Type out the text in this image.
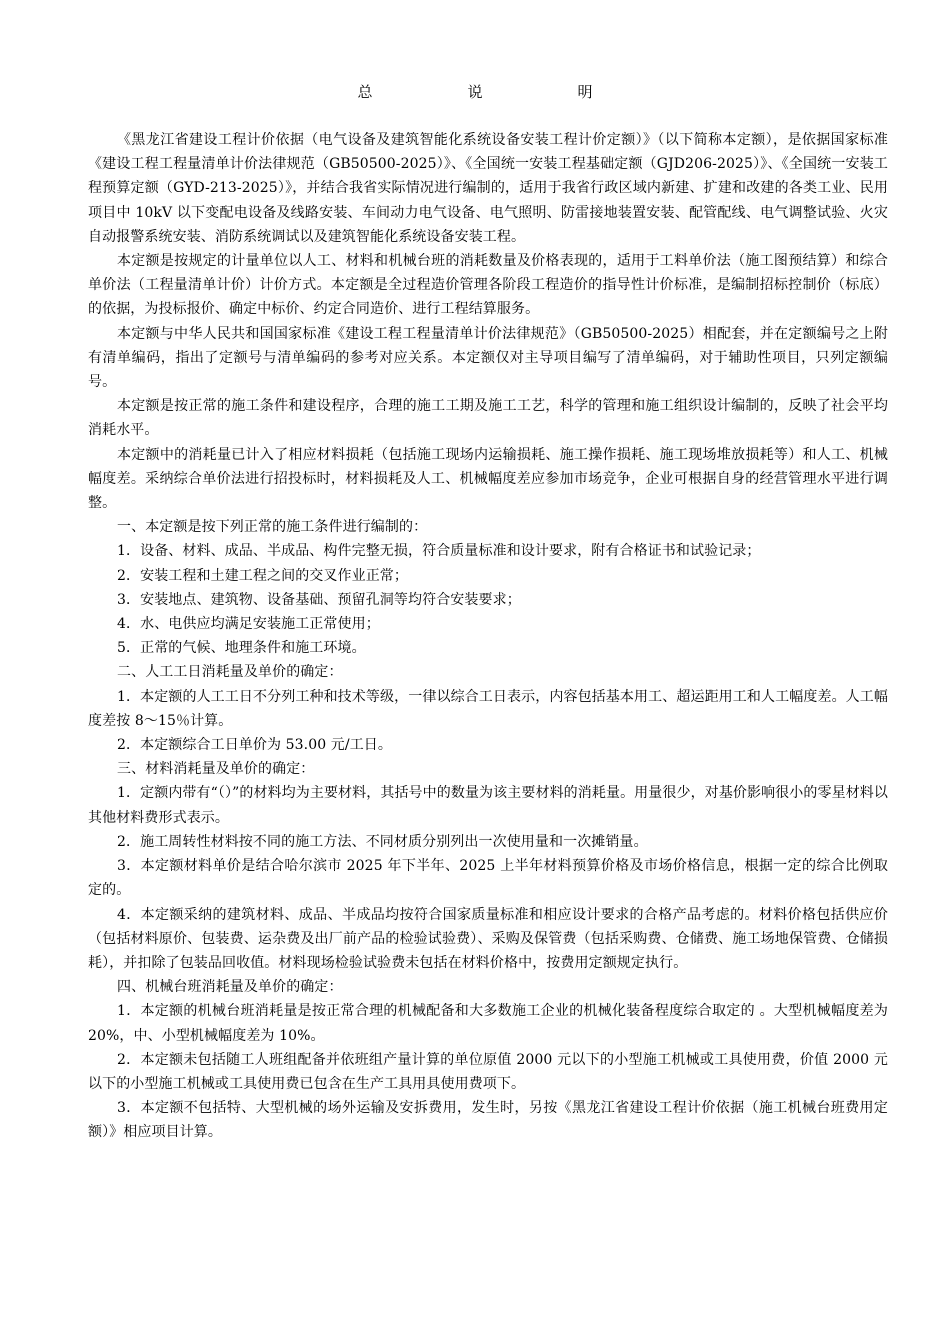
总　说　明

《黑龙江省建设工程计价依据（电气设备及建筑智能化系统设备安装工程计价定额）》（以下简称本定额），是依据国家标准《建设工程工程量清单计价法律规范（GB50500-2025）》、《全国统一安装工程基础定额（GJD206-2025）》、《全国统一安装工程预算定额（GYD-213-2025）》，并结合我省实际情况进行编制的，适用于我省行政区域内新建、扩建和改建的各类工业、民用项目中 10kV 以下变配电设备及线路安装、车间动力电气设备、电气照明、防雷接地装置安装、配管配线、电气调整试验、火灾自动报警系统安装、消防系统调试以及建筑智能化系统设备安装工程。

本定额是按规定的计量单位以人工、材料和机械台班的消耗数量及价格表现的，适用于工料单价法（施工图预结算）和综合单价法（工程量清单计价）计价方式。本定额是全过程造价管理各阶段工程造价的指导性计价标准，是编制招标控制价（标底）的依据，为投标报价、确定中标价、约定合同造价、进行工程结算服务。

本定额与中华人民共和国国家标准《建设工程工程量清单计价法律规范》（GB50500-2025）相配套，并在定额编号之上附有清单编码，指出了定额号与清单编码的参考对应关系。本定额仅对主导项目编写了清单编码，对于辅助性项目，只列定额编号。

本定额是按正常的施工条件和建设程序，合理的施工工期及施工工艺，科学的管理和施工组织设计编制的，反映了社会平均消耗水平。

本定额中的消耗量已计入了相应材料损耗（包括施工现场内运输损耗、施工操作损耗、施工现场堆放损耗等）和人工、机械幅度差。采纳综合单价法进行招投标时，材料损耗及人工、机械幅度差应参加市场竞争，企业可根据自身的经营管理水平进行调整。

一、本定额是按下列正常的施工条件进行编制的：

1．设备、材料、成品、半成品、构件完整无损，符合质量标准和设计要求，附有合格证书和试验记录；

2．安装工程和土建工程之间的交叉作业正常；

3．安装地点、建筑物、设备基础、预留孔洞等均符合安装要求；

4．水、电供应均满足安装施工正常使用；

5．正常的气候、地理条件和施工环境。

二、人工工日消耗量及单价的确定：

1．本定额的人工工日不分列工种和技术等级，一律以综合工日表示，内容包括基本用工、超运距用工和人工幅度差。人工幅度差按 8～15％计算。

2．本定额综合工日单价为 53.00 元/工日。

三、材料消耗量及单价的确定：

1．定额内带有“（）”的材料均为主要材料，其括号中的数量为该主要材料的消耗量。用量很少，对基价影响很小的零星材料以其他材料费形式表示。

2．施工周转性材料按不同的施工方法、不同材质分别列出一次使用量和一次摊销量。

3．本定额材料单价是结合哈尔滨市 2025 年下半年、2025 上半年材料预算价格及市场价格信息，根据一定的综合比例取定的。

4．本定额采纳的建筑材料、成品、半成品均按符合国家质量标准和相应设计要求的合格产品考虑的。材料价格包括供应价（包括材料原价、包装费、运杂费及出厂前产品的检验试验费）、采购及保管费（包括采购费、仓储费、施工场地保管费、仓储损耗），并扣除了包装品回收值。材料现场检验试验费未包括在材料价格中，按费用定额规定执行。

四、机械台班消耗量及单价的确定：

1．本定额的机械台班消耗量是按正常合理的机械配备和大多数施工企业的机械化装备程度综合取定的 。大型机械幅度差为 20%，中、小型机械幅度差为 10%。

2．本定额未包括随工人班组配备并依班组产量计算的单位原值 2000 元以下的小型施工机械或工具使用费，价值 2000 元以下的小型施工机械或工具使用费已包含在生产工具用具使用费项下。

3．本定额不包括特、大型机械的场外运输及安拆费用，发生时，另按《黑龙江省建设工程计价依据（施工机械台班费用定额）》相应项目计算。
